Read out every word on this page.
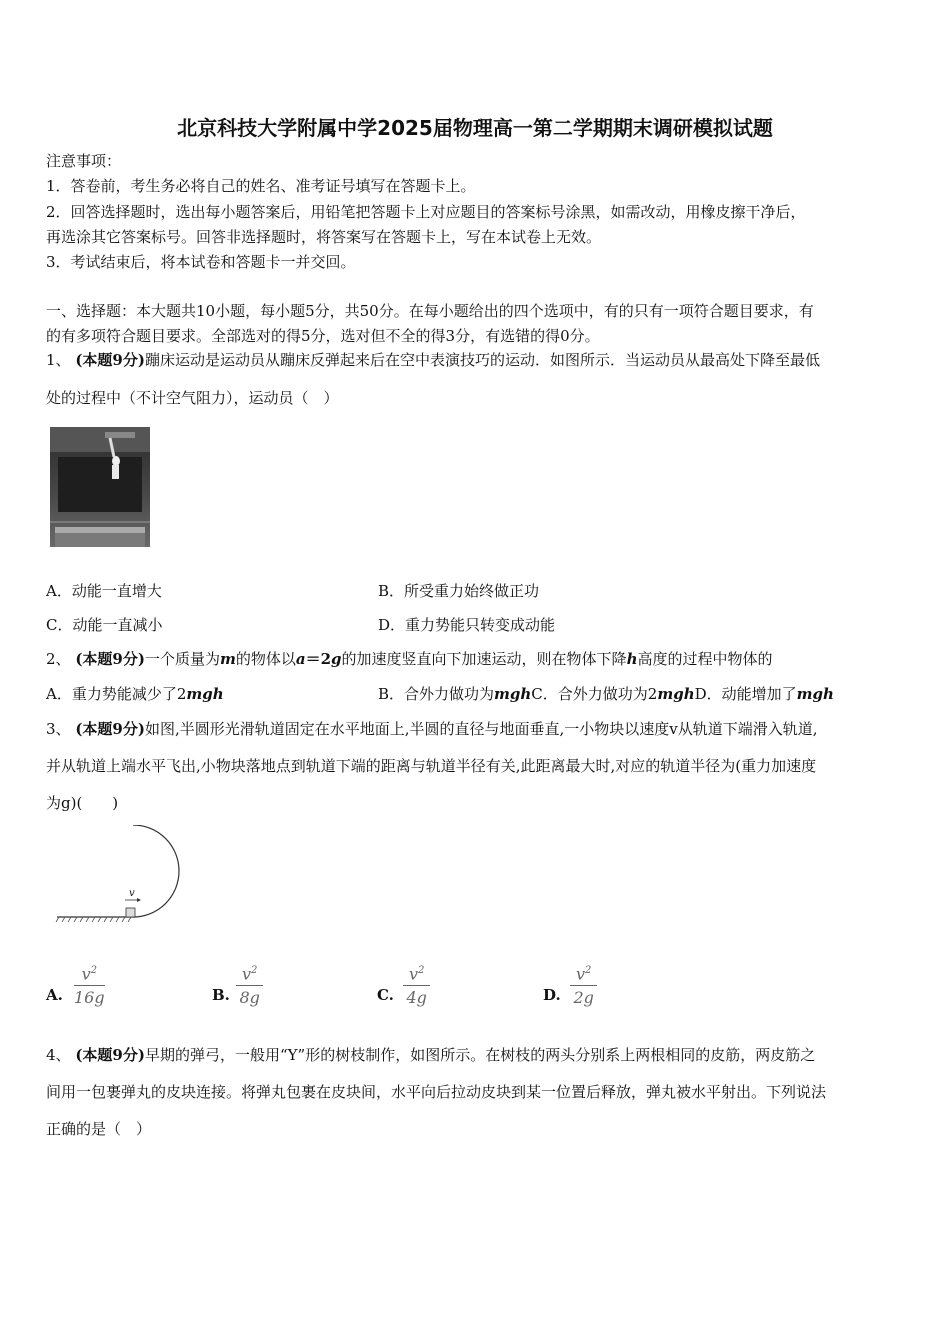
北京科技大学附属中学2025届物理高一第二学期期末调研模拟试题
注意事项：
1．答卷前，考生务必将自己的姓名、准考证号填写在答题卡上。
2．回答选择题时，选出每小题答案后，用铅笔把答题卡上对应题目的答案标号涂黑，如需改动，用橡皮擦干净后，
再选涂其它答案标号。回答非选择题时，将答案写在答题卡上，写在本试卷上无效。
3．考试结束后，将本试卷和答题卡一并交回。
一、选择题：本大题共10小题，每小题5分，共50分。在每小题给出的四个选项中，有的只有一项符合题目要求，有
的有多项符合题目要求。全部选对的得5分，选对但不全的得3分，有选错的得0分。
1、 (本题9分)蹦床运动是运动员从蹦床反弹起来后在空中表演技巧的运动．如图所示．当运动员从最高处下降至最低
处的过程中（不计空气阻力），运动员（　）
A．动能一直增大	B．所受重力始终做正功
C．动能一直减小	D．重力势能只转变成动能
2、 (本题9分)一个质量为m的物体以a＝2g的加速度竖直向下加速运动，则在物体下降h高度的过程中物体的
A．重力势能减少了2mgh	B．合外力做功为mghC．合外力做功为2mghD．动能增加了mgh
3、 (本题9分)如图,半圆形光滑轨道固定在水平地面上,半圆的直径与地面垂直,一小物块以速度v从轨道下端滑入轨道,
并从轨道上端水平飞出,小物块落地点到轨道下端的距离与轨道半径有关,此距离最大时,对应的轨道半径为(重力加速度
为g)(　　)
v
A. $\frac{v^2}{16g}$	B. $\frac{v^2}{8g}$	C. $\frac{v^2}{4g}$	D. $\frac{v^2}{2g}$
4、 (本题9分)早期的弹弓，一般用“Y”形的树枝制作，如图所示。在树枝的两头分别系上两根相同的皮筋，两皮筋之
间用一包裹弹丸的皮块连接。将弹丸包裹在皮块间，水平向后拉动皮块到某一位置后释放，弹丸被水平射出。下列说法
正确的是（　）
